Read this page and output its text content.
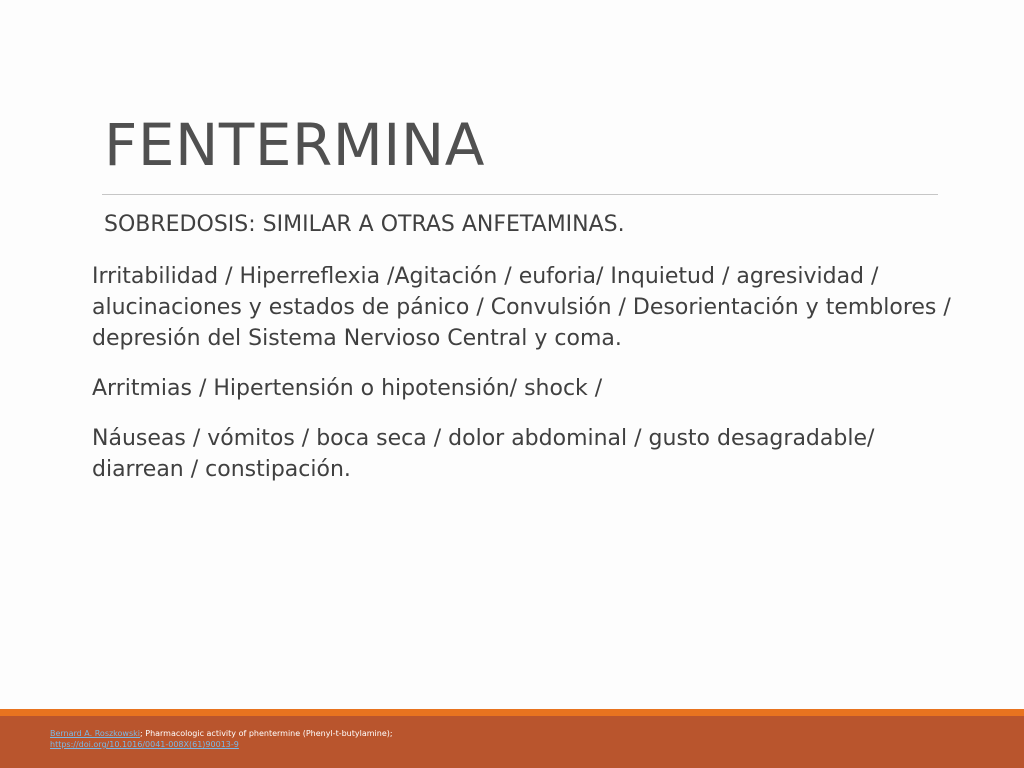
FENTERMINA
SOBREDOSIS: SIMILAR A OTRAS ANFETAMINAS.

Irritabilidad / Hiperreflexia /Agitación / euforia/ Inquietud / agresividad / alucinaciones y estados de pánico / Convulsión / Desorientación y temblores / depresión del Sistema Nervioso Central y coma.

Arritmias / Hipertensión o hipotensión/ shock /

Náuseas / vómitos / boca seca / dolor abdominal / gusto desagradable/ diarrean / constipación.

Bernard A. Roszkowski; Pharmacologic activity of phentermine (Phenyl-t-butylamine);
https://doi.org/10.1016/0041-008X(61)90013-9
